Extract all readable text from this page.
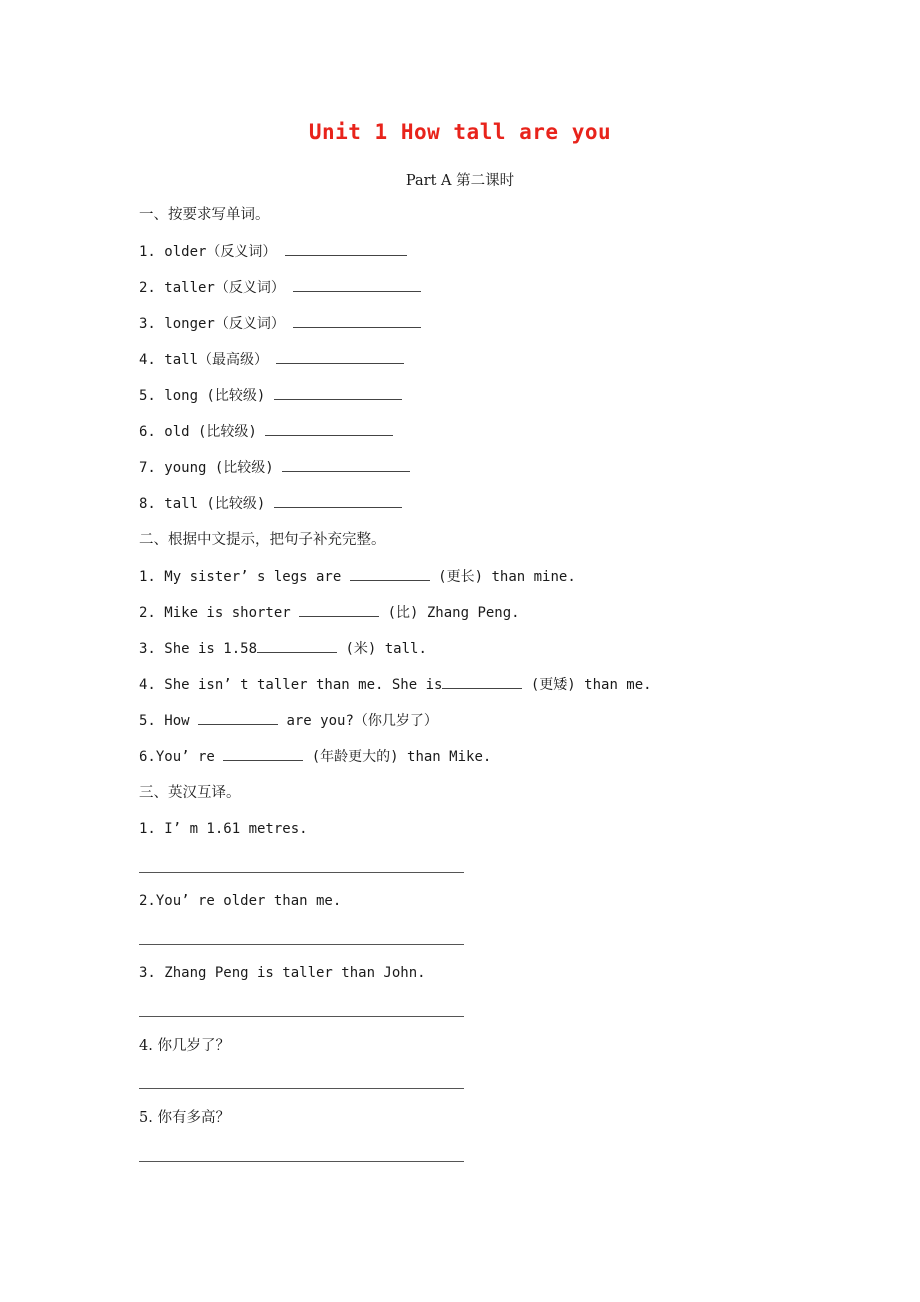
Unit 1 How tall are you
Part A 第二课时
一、按要求写单词。
1. older（反义词）
2. taller（反义词）
3. longer（反义词）
4. tall（最高级）
5. long (比较级)
6. old (比较级)
7. young (比较级)
8. tall (比较级)
二、根据中文提示，把句子补充完整。
1. My sister’ s legs are	(更长) than mine.
2. Mike is shorter	(比) Zhang Peng.
3. She is 1.58	(米) tall.
4. She isn’ t taller than me. She is	(更矮) than me.
5. How	are you?（你几岁了）
6.You’ re	(年龄更大的) than Mike.
三、英汉互译。
1. I’ m 1.61 metres.
2.You’ re older than me.
3. Zhang Peng is taller than John.
4. 你几岁了？
5. 你有多高？
